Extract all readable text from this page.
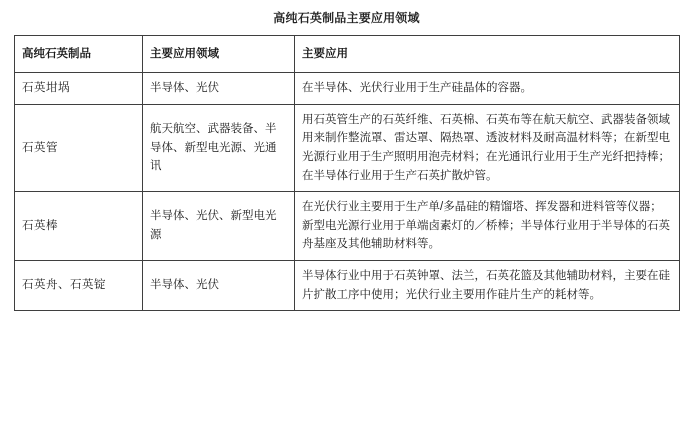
高纯石英制品主要应用领域
高纯石英制品	主要应用领域	主要应用
石英坩埚	半导体、光伏	在半导体、光伏行业用于生产硅晶体的容器。
石英管	航天航空、武器装备、半导体、新型电光源、光通讯	用石英管生产的石英纤维、石英棉、石英布等在航天航空、武器装备领域用来制作整流罩、雷达罩、隔热罩、透波材料及耐高温材料等；在新型电光源行业用于生产照明用泡壳材料；在光通讯行业用于生产光纤把持棒；在半导体行业用于生产石英扩散炉管。
石英棒	半导体、光伏、新型电光源	在光伏行业主要用于生产单/多晶硅的精馏塔、挥发器和进料管等仪器；新型电光源行业用于单端卤素灯的／桥棒；半导体行业用于半导体的石英舟基座及其他辅助材料等。
石英舟、石英锭	半导体、光伏	半导体行业中用于石英钟罩、法兰，石英花篮及其他辅助材料，主要在硅片扩散工序中使用；光伏行业主要用作硅片生产的耗材等。
